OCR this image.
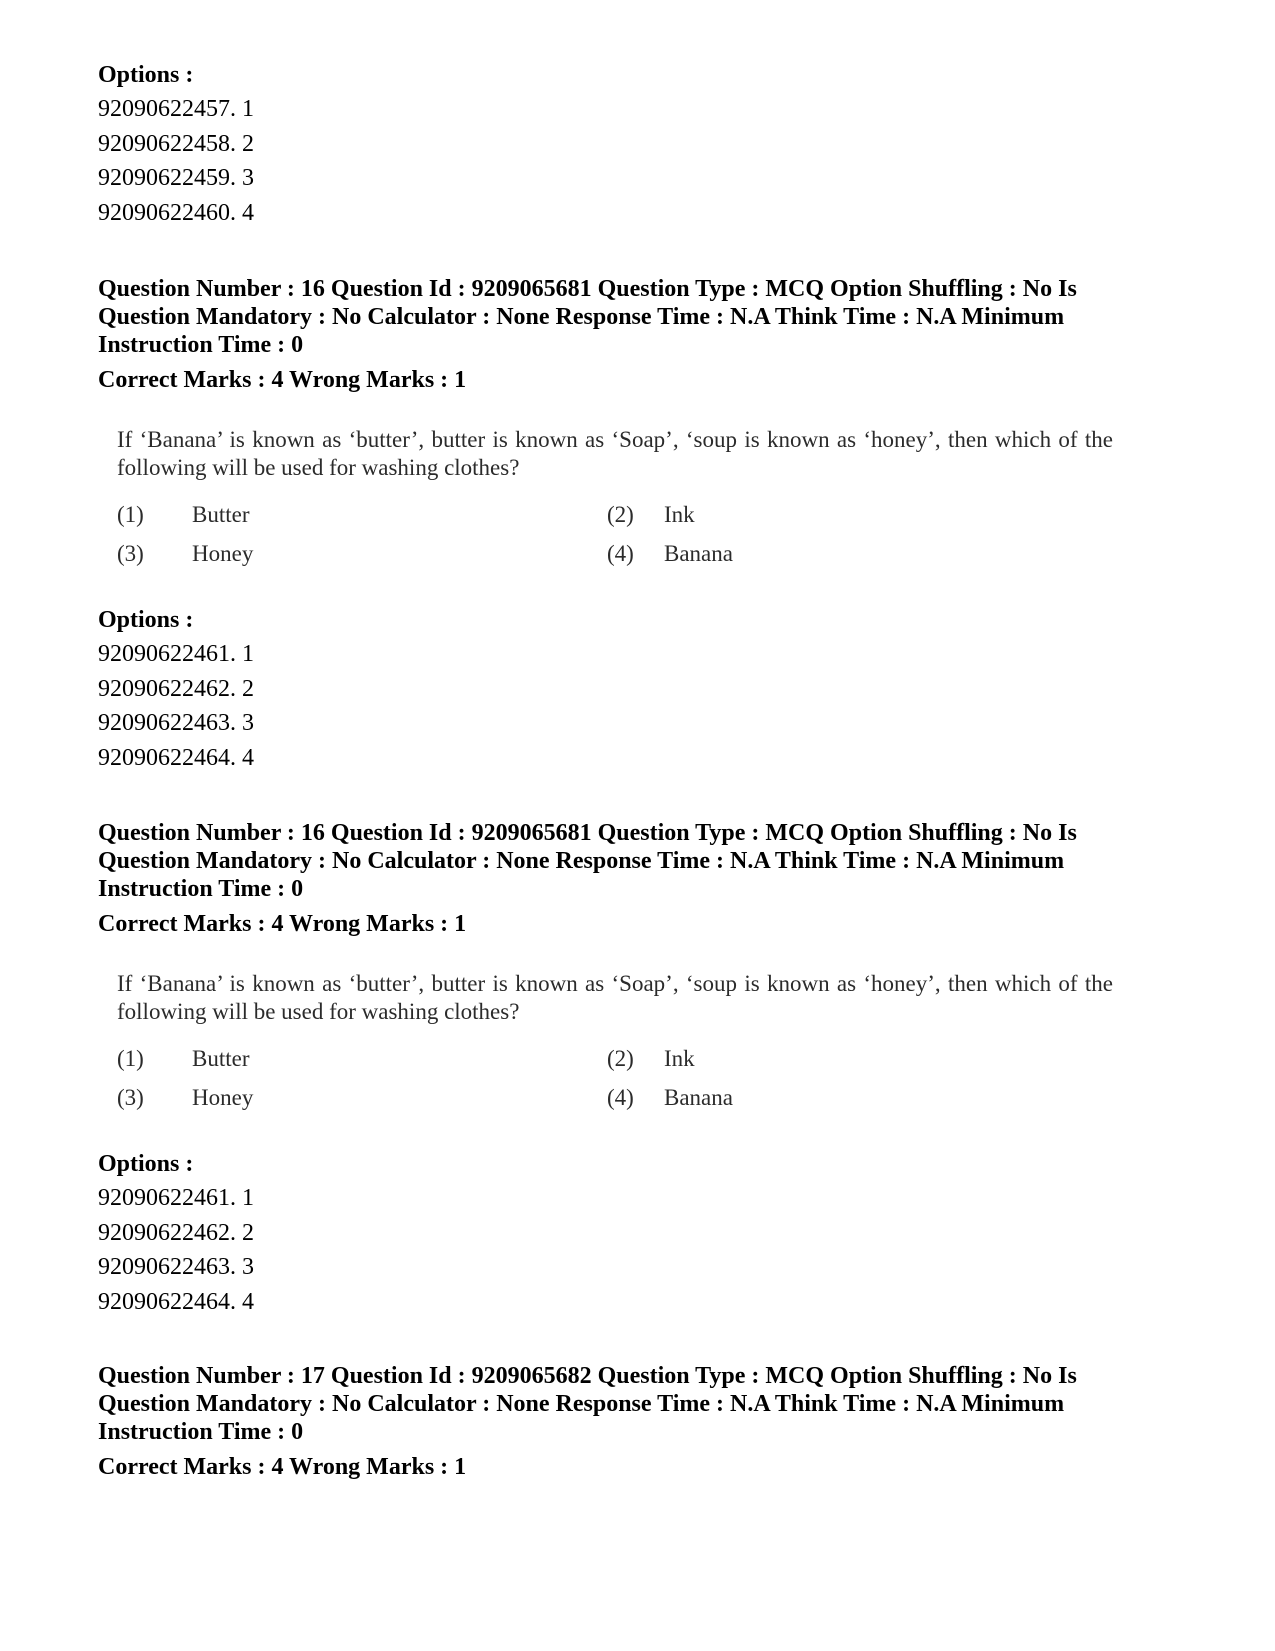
Options :

92090622457. 1

92090622458. 2

92090622459. 3

92090622460. 4

Question Number : 16 Question Id : 9209065681 Question Type : MCQ Option Shuffling : No Is Question Mandatory : No Calculator : None Response Time : N.A Think Time : N.A Minimum Instruction Time : 0

Correct Marks : 4 Wrong Marks : 1

If ‘Banana’ is known as ‘butter’, butter is known as ‘Soap’, ‘soup is known as ‘honey’, then which of the following will be used for washing clothes?

(1)	Butter	(2)	Ink
(3)	Honey	(4)	Banana

Options :

92090622461. 1

92090622462. 2

92090622463. 3

92090622464. 4

Question Number : 16 Question Id : 9209065681 Question Type : MCQ Option Shuffling : No Is Question Mandatory : No Calculator : None Response Time : N.A Think Time : N.A Minimum Instruction Time : 0

Correct Marks : 4 Wrong Marks : 1

If ‘Banana’ is known as ‘butter’, butter is known as ‘Soap’, ‘soup is known as ‘honey’, then which of the following will be used for washing clothes?

(1)	Butter	(2)	Ink
(3)	Honey	(4)	Banana

Options :

92090622461. 1

92090622462. 2

92090622463. 3

92090622464. 4

Question Number : 17 Question Id : 9209065682 Question Type : MCQ Option Shuffling : No Is Question Mandatory : No Calculator : None Response Time : N.A Think Time : N.A Minimum Instruction Time : 0

Correct Marks : 4 Wrong Marks : 1
